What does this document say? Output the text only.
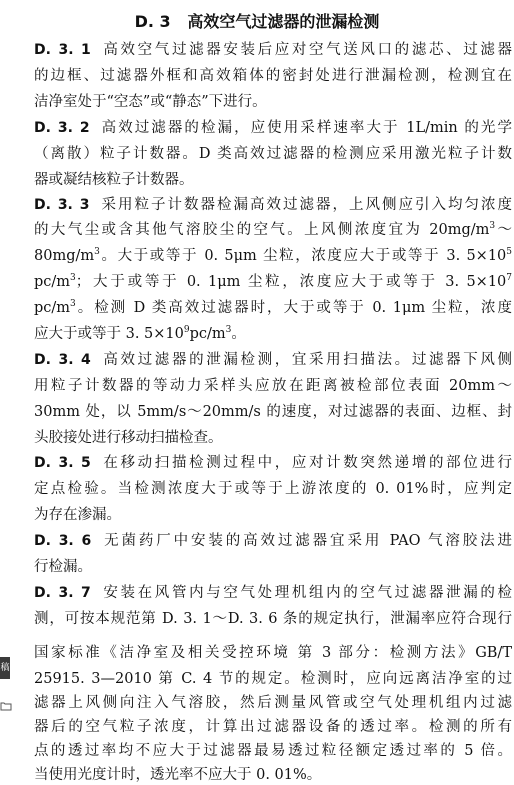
D. 3   高效空气过滤器的泄漏检测
D. 3. 1 高效空气过滤器安装后应对空气送风口的滤芯、过滤器
的边框、过滤器外框和高效箱体的密封处进行泄漏检测，检测宜在
洁净室处于“空态”或“静态”下进行。
D. 3. 2 高效过滤器的检漏，应使用采样速率大于 1L/min 的光学
（离散）粒子计数器。D 类高效过滤器的检测应采用激光粒子计数
器或凝结核粒子计数器。
D. 3. 3 采用粒子计数器检漏高效过滤器，上风侧应引入均匀浓度
的大气尘或含其他气溶胶尘的空气。上风侧浓度宜为 $20mg/m^3\sim$
$80mg/m^3$。大于或等于 0. 5μm 尘粒，浓度应大于或等于 3. $5\times 10^5$
$pc/m^3$；大于或等于 0. 1μm 尘粒，浓度应大于或等于 3. $5\times 10^7$
$pc/m^3$。检测 D 类高效过滤器时，大于或等于 0. 1μm 尘粒，浓度
应大于或等于 3. $5\times 10^9pc/m^3$。
D. 3. 4 高效过滤器的泄漏检测，宜采用扫描法。过滤器下风侧
用粒子计数器的等动力采样头应放在距离被检部位表面 20mm～
30mm 处，以 5mm/s～20mm/s 的速度，对过滤器的表面、边框、封
头胶接处进行移动扫描检查。
D. 3. 5 在移动扫描检测过程中，应对计数突然递增的部位进行
定点检验。当检测浓度大于或等于上游浓度的 0. 01%时，应判定
为存在渗漏。
D. 3. 6 无菌药厂中安装的高效过滤器宜采用 PAO 气溶胶法进
行检漏。
D. 3. 7 安装在风管内与空气处理机组内的空气过滤器泄漏的检
测，可按本规范第 D. 3. 1～D. 3. 6 条的规定执行，泄漏率应符合现行
国家标准《洁净室及相关受控环境 第 3 部分：检测方法》GB/T
25915. 3—2010 第 C. 4 节的规定。检测时，应向远离洁净室的过
滤器上风侧向注入气溶胶，然后测量风管或空气处理机组内过滤
器后的空气粒子浓度，计算出过滤器设备的透过率。检测的所有
点的透过率均不应大于过滤器最易透过粒径额定透过率的 5 倍。
当使用光度计时，透光率不应大于 0. 01%。
稿
